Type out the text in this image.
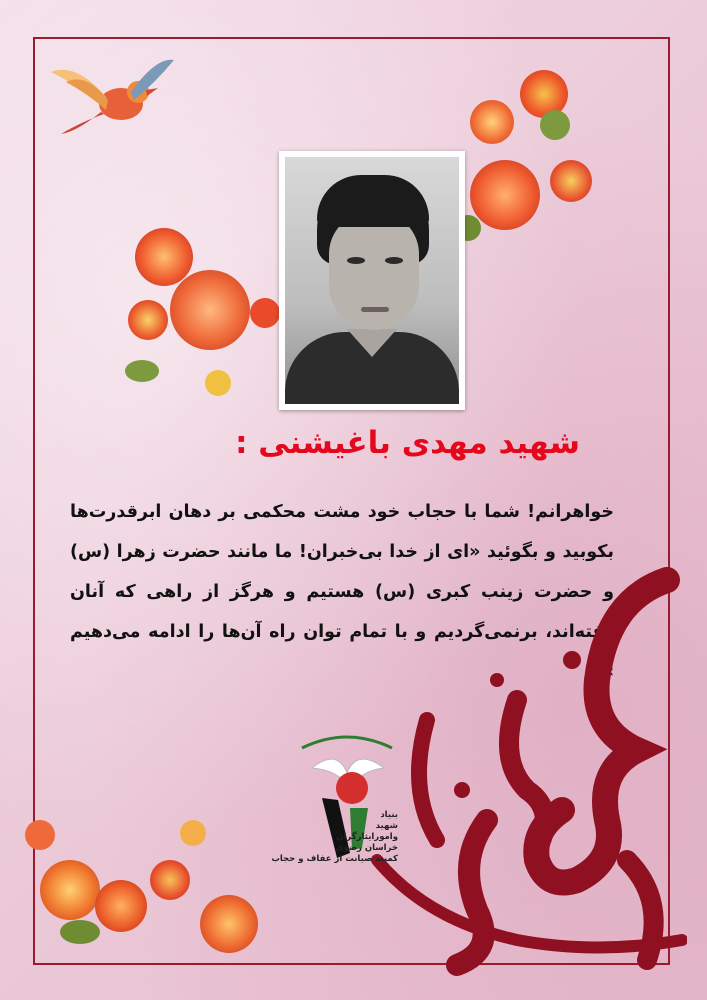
شهید مهدی باغیشنی :
خواهرانم! شما با حجاب خود مشت محکمی بر دهان ابرقدرت‌ها بکوبید و بگوئید «ای از خدا بی‌خبران! ما مانند حضرت زهرا (س) و حضرت زینب کبری (س) هستیم و هرگز از راهی که آنان رفته‌اند، برنمی‌گردیم و با تمام توان راه آن‌ها را ادامه می‌دهیم » .
بنیاد
شهید
وامورایثارگران
خراسان رضوی
کمیته صیانت از عفاف و حجاب
